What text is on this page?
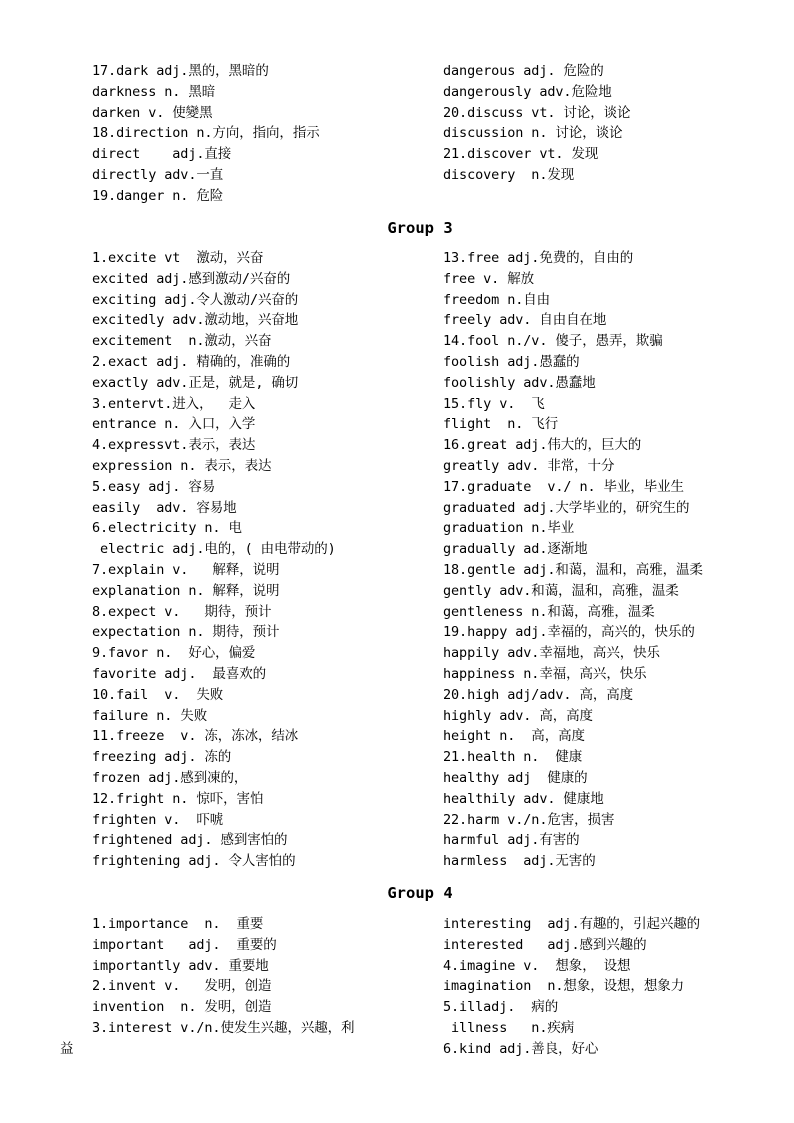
17.dark adj.黑的，黑暗的
darkness n. 黑暗
darken v. 使變黑
18.direction n.方向，指向，指示
direct    adj.直接
directly adv.一直
19.danger n. 危险
dangerous adj. 危险的
dangerously adv.危险地
20.discuss vt. 讨论，谈论
discussion n. 讨论，谈论
21.discover vt. 发现
discovery  n.发现
Group 3
1.excite vt  激动，兴奋
excited adj.感到激动/兴奋的
exciting adj.令人激动/兴奋的
excitedly adv.激动地，兴奋地
excitement  n.激动，兴奋
2.exact adj. 精确的，准确的
exactly adv.正是，就是, 确切
3.entervt.进入，  走入
entrance n. 入口，入学
4.expressvt.表示，表达
expression n. 表示，表达
5.easy adj. 容易
easily  adv. 容易地
6.electricity n. 电
electric adj.电的，( 由电带动的)
7.explain v.   解释，说明
explanation n. 解释，说明
8.expect v.   期待，预计
expectation n. 期待，预计
9.favor n.  好心，偏爱
favorite adj.  最喜欢的
10.fail  v.  失败
failure n. 失败
11.freeze  v. 冻，冻冰，结冰
freezing adj. 冻的
frozen adj.感到凍的，
12.fright n. 惊吓，害怕
frighten v.  吓唬
frightened adj. 感到害怕的
frightening adj. 令人害怕的
13.free adj.免费的，自由的
free v. 解放
freedom n.自由
freely adv. 自由自在地
14.fool n./v. 傻子，愚弄，欺骗
foolish adj.愚蠢的
foolishly adv.愚蠢地
15.fly v.  飞
flight  n. 飞行
16.great adj.伟大的，巨大的
greatly adv. 非常，十分
17.graduate  v./ n. 毕业，毕业生
graduated adj.大学毕业的，研究生的
graduation n.毕业
gradually ad.逐渐地
18.gentle adj.和蔼，温和，高雅，温柔
gently adv.和蔼，温和，高雅，温柔
gentleness n.和蔼，高雅，温柔
19.happy adj.幸福的，高兴的，快乐的
happily adv.幸福地，高兴，快乐
happiness n.幸福，高兴，快乐
20.high adj/adv. 高，高度
highly adv. 高，高度
height n.  高，高度
21.health n.  健康
healthy adj  健康的
healthily adv. 健康地
22.harm v./n.危害，损害
harmful adj.有害的
harmless  adj.无害的
Group 4
1.importance  n.  重要
important   adj.  重要的
importantly adv. 重要地
2.invent v.   发明，创造
invention  n. 发明，创造
3.interest v./n.使发生兴趣，兴趣，利
interesting  adj.有趣的，引起兴趣的
interested   adj.感到兴趣的
4.imagine v.  想象， 设想
imagination  n.想象，设想，想象力
5.illadj.  病的
illness   n.疾病
6.kind adj.善良，好心
益
